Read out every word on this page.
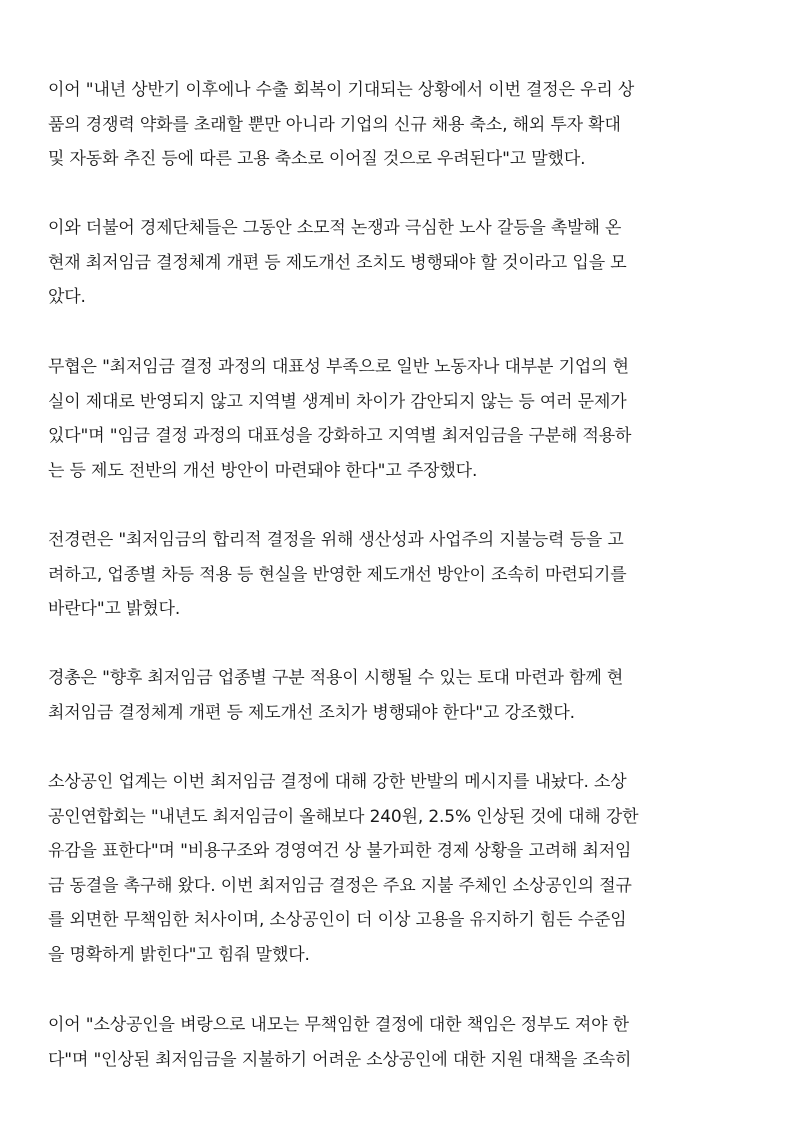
이어 "내년 상반기 이후에나 수출 회복이 기대되는 상황에서 이번 결정은 우리 상
품의 경쟁력 약화를 초래할 뿐만 아니라 기업의 신규 채용 축소, 해외 투자 확대
및 자동화 추진 등에 따른 고용 축소로 이어질 것으로 우려된다"고 말했다.
이와 더불어 경제단체들은 그동안 소모적 논쟁과 극심한 노사 갈등을 촉발해 온
현재 최저임금 결정체계 개편 등 제도개선 조치도 병행돼야 할 것이라고 입을 모
았다.
무협은 "최저임금 결정 과정의 대표성 부족으로 일반 노동자나 대부분 기업의 현
실이 제대로 반영되지 않고 지역별 생계비 차이가 감안되지 않는 등 여러 문제가
있다"며 "임금 결정 과정의 대표성을 강화하고 지역별 최저임금을 구분해 적용하
는 등 제도 전반의 개선 방안이 마련돼야 한다"고 주장했다.
전경련은 "최저임금의 합리적 결정을 위해 생산성과 사업주의 지불능력 등을 고
려하고, 업종별 차등 적용 등 현실을 반영한 제도개선 방안이 조속히 마련되기를
바란다"고 밝혔다.
경총은 "향후 최저임금 업종별 구분 적용이 시행될 수 있는 토대 마련과 함께 현
최저임금 결정체계 개편 등 제도개선 조치가 병행돼야 한다"고 강조했다.
소상공인 업계는 이번 최저임금 결정에 대해 강한 반발의 메시지를 내놨다. 소상
공인연합회는 "내년도 최저임금이 올해보다 240원, 2.5% 인상된 것에 대해 강한
유감을 표한다"며 "비용구조와 경영여건 상 불가피한 경제 상황을 고려해 최저임
금 동결을 촉구해 왔다. 이번 최저임금 결정은 주요 지불 주체인 소상공인의 절규
를 외면한 무책임한 처사이며, 소상공인이 더 이상 고용을 유지하기 힘든 수준임
을 명확하게 밝힌다"고 힘줘 말했다.
이어 "소상공인을 벼랑으로 내모는 무책임한 결정에 대한 책임은 정부도 져야 한
다"며 "인상된 최저임금을 지불하기 어려운 소상공인에 대한 지원 대책을 조속히
